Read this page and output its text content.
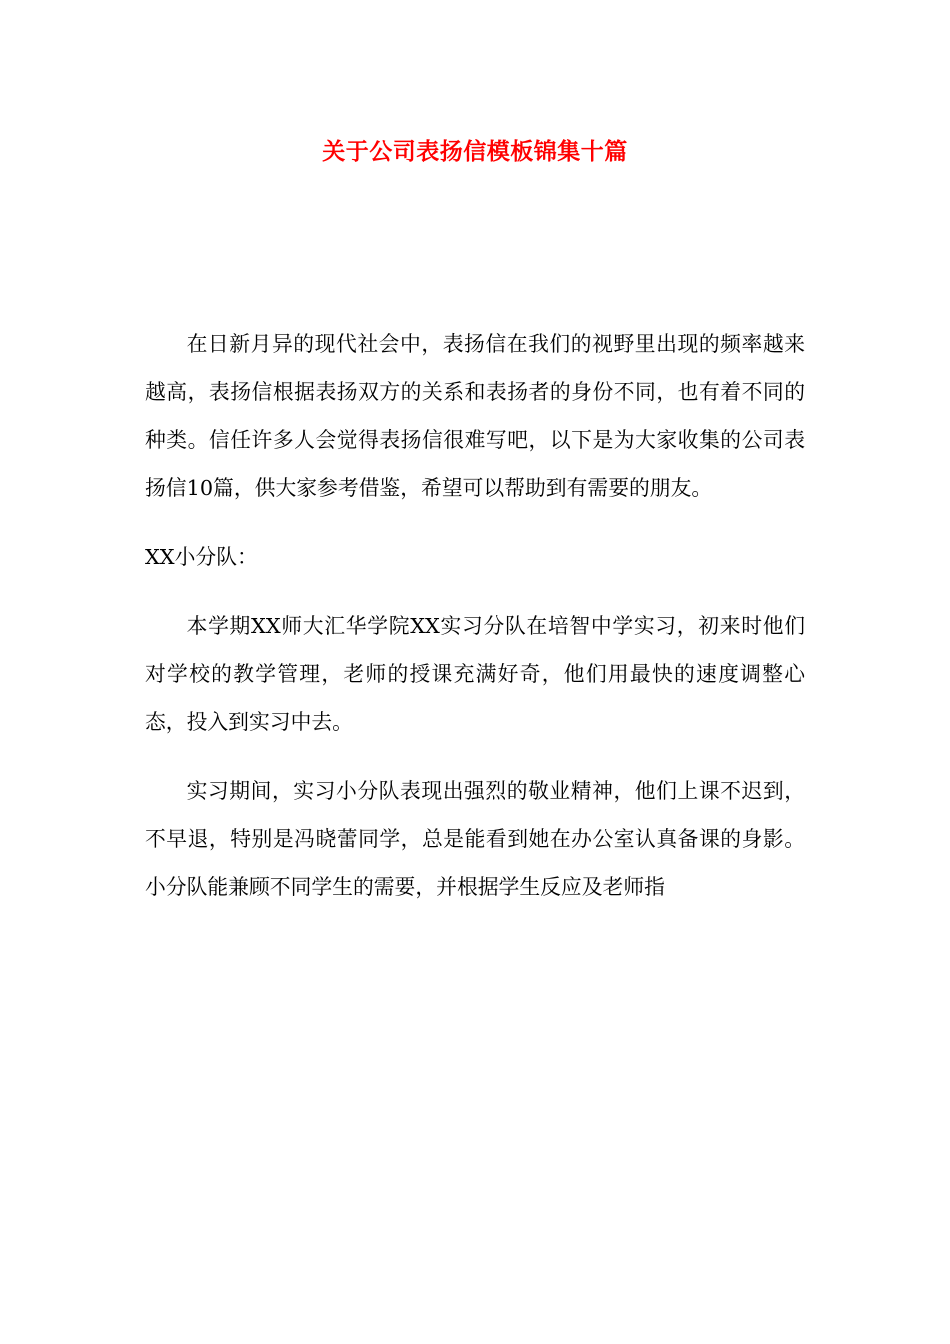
关于公司表扬信模板锦集十篇

在日新月异的现代社会中，表扬信在我们的视野里出现的频率越来越高，表扬信根据表扬双方的关系和表扬者的身份不同，也有着不同的种类。信任许多人会觉得表扬信很难写吧，以下是为大家收集的公司表扬信10篇，供大家参考借鉴，希望可以帮助到有需要的朋友。

XX小分队：

本学期XX师大汇华学院XX实习分队在培智中学实习，初来时他们对学校的教学管理，老师的授课充满好奇，他们用最快的速度调整心态，投入到实习中去。

实习期间，实习小分队表现出强烈的敬业精神，他们上课不迟到，不早退，特别是冯晓蕾同学，总是能看到她在办公室认真备课的身影。小分队能兼顾不同学生的需要，并根据学生反应及老师指
